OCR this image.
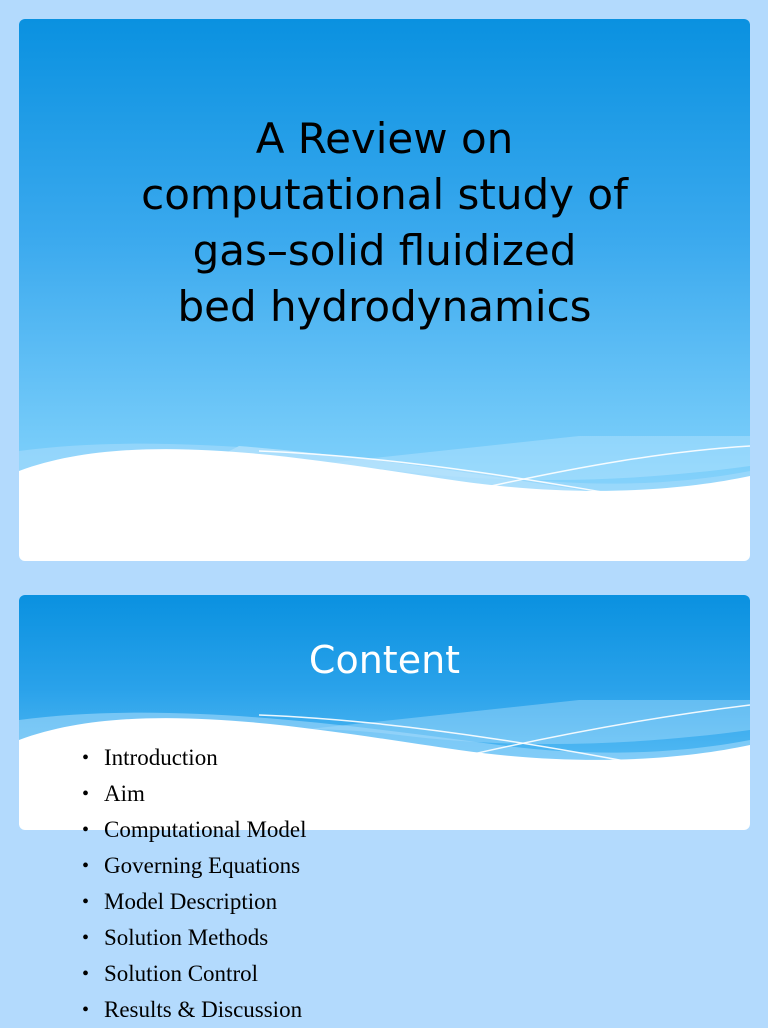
A Review on
computational study of
gas–solid fluidized
bed hydrodynamics
Content
• Introduction
• Aim
• Computational Model
• Governing Equations
• Model Description
• Solution Methods
• Solution Control
• Results & Discussion
